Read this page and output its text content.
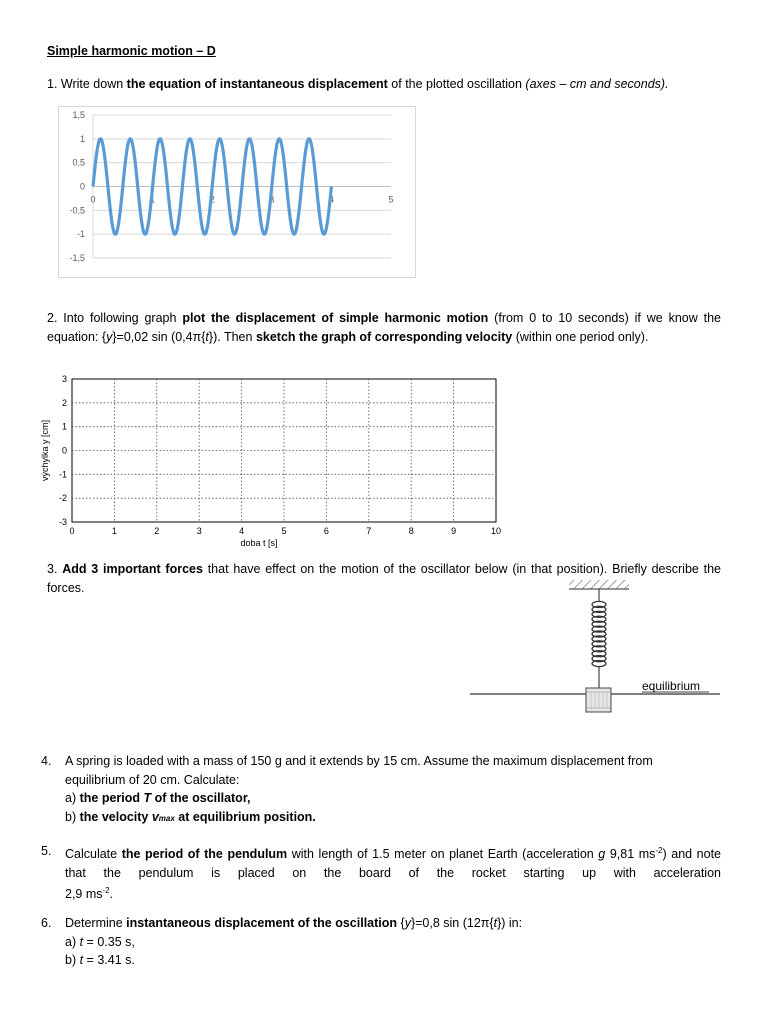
Simple harmonic motion – D
1. Write down the equation of instantaneous displacement of the plotted oscillation (axes – cm and seconds).
1,5
1
0,5
0
-0,5
-1
-1,5
0	1	2	3	4	5
2. Into following graph plot the displacement of simple harmonic motion (from 0 to 10 seconds) if we know the equation: {y}=0,02 sin (0,4π{t}). Then sketch the graph of corresponding velocity (within one period only).
3
2
1
0
-1
-2
-3
0	1	2	3	4	5	6	7	8	9	10
doba t [s]
výchylka y [cm]
3. Add 3 important forces that have effect on the motion of the oscillator below (in that position). Briefly describe the forces.
equilibrium
4. A spring is loaded with a mass of 150 g and it extends by 15 cm. Assume the maximum displacement from
equilibrium of 20 cm. Calculate:
a) the period T of the oscillator,
b) the velocity vmax at equilibrium position.
5. Calculate the period of the pendulum with length of 1.5 meter on planet Earth (acceleration g 9,81 $ms^{-2}$) and note
that the pendulum is placed on the board of the rocket starting up with acceleration
2,9 $ms^{-2}$.
6. Determine instantaneous displacement of the oscillation {y}=0,8 sin (12π{t}) in:
a) t = 0.35 s,
b) t = 3.41 s.
